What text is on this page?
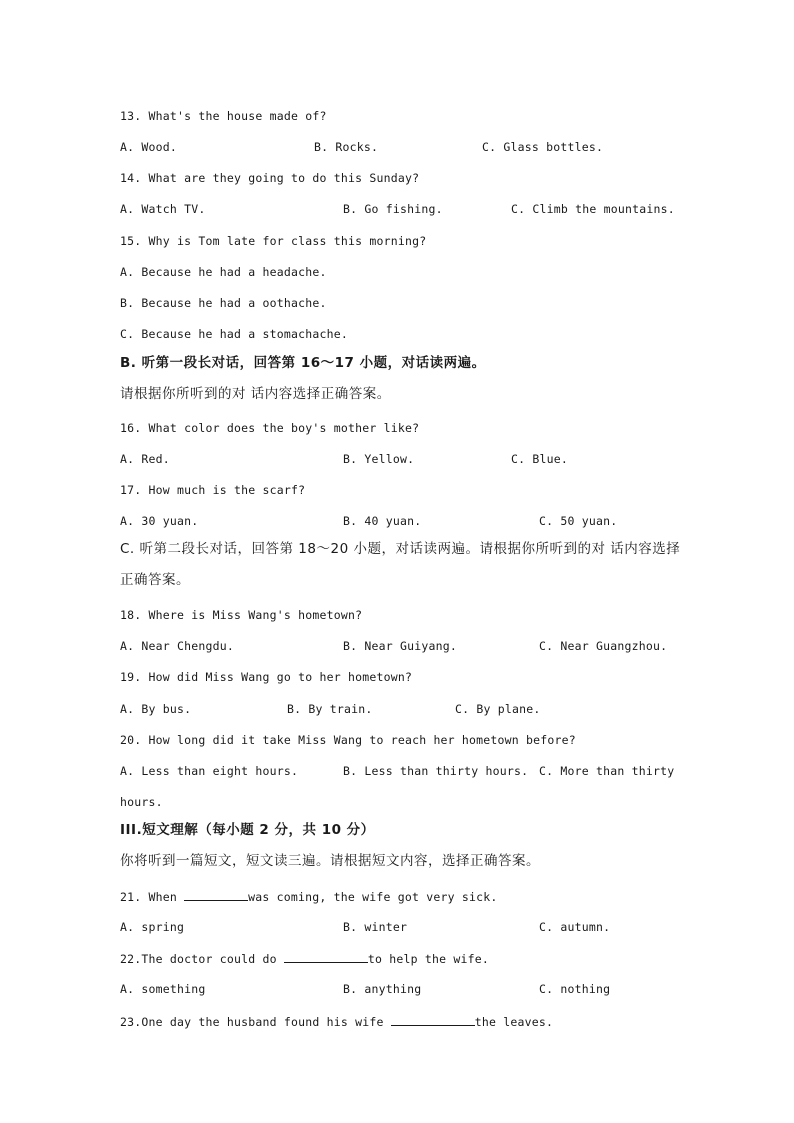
13. What's the house made of?
A. Wood.	B. Rocks.	C. Glass bottles.
14. What are they going to do this Sunday?
A. Watch TV.	B. Go fishing.	C. Climb the mountains.
15. Why is Tom late for class this morning?
A. Because he had a headache.
B. Because he had a oothache.
C. Because he had a stomachache.
B. 听第一段长对话，回答第 16～17 小题，对话读两遍。
请根据你所听到的对 话内容选择正确答案。
16. What color does the boy's mother like?
A. Red.	B. Yellow.	C. Blue.
17. How much is the scarf?
A. 30 yuan.	B. 40 yuan.	C. 50 yuan.
C. 听第二段长对话，回答第 18～20 小题，对话读两遍。请根据你所听到的对 话内容选择
正确答案。
18. Where is Miss Wang's hometown?
A. Near Chengdu.	B. Near Guiyang.	C. Near Guangzhou.
19. How did Miss Wang go to her hometown?
A. By bus.	B. By train.	C. By plane.
20. How long did it take Miss Wang to reach her hometown before?
A. Less than eight hours.	B. Less than thirty hours. C. More than thirty
hours.
III.短文理解（每小题 2 分，共 10 分）
你将听到一篇短文，短文读三遍。请根据短文内容，选择正确答案。
21. When	was coming, the wife got very sick.
A. spring	B. winter	C. autumn.
22.The doctor could do	to help the wife.
A. something	B. anything	C. nothing
23.One day the husband found his wife	the leaves.
